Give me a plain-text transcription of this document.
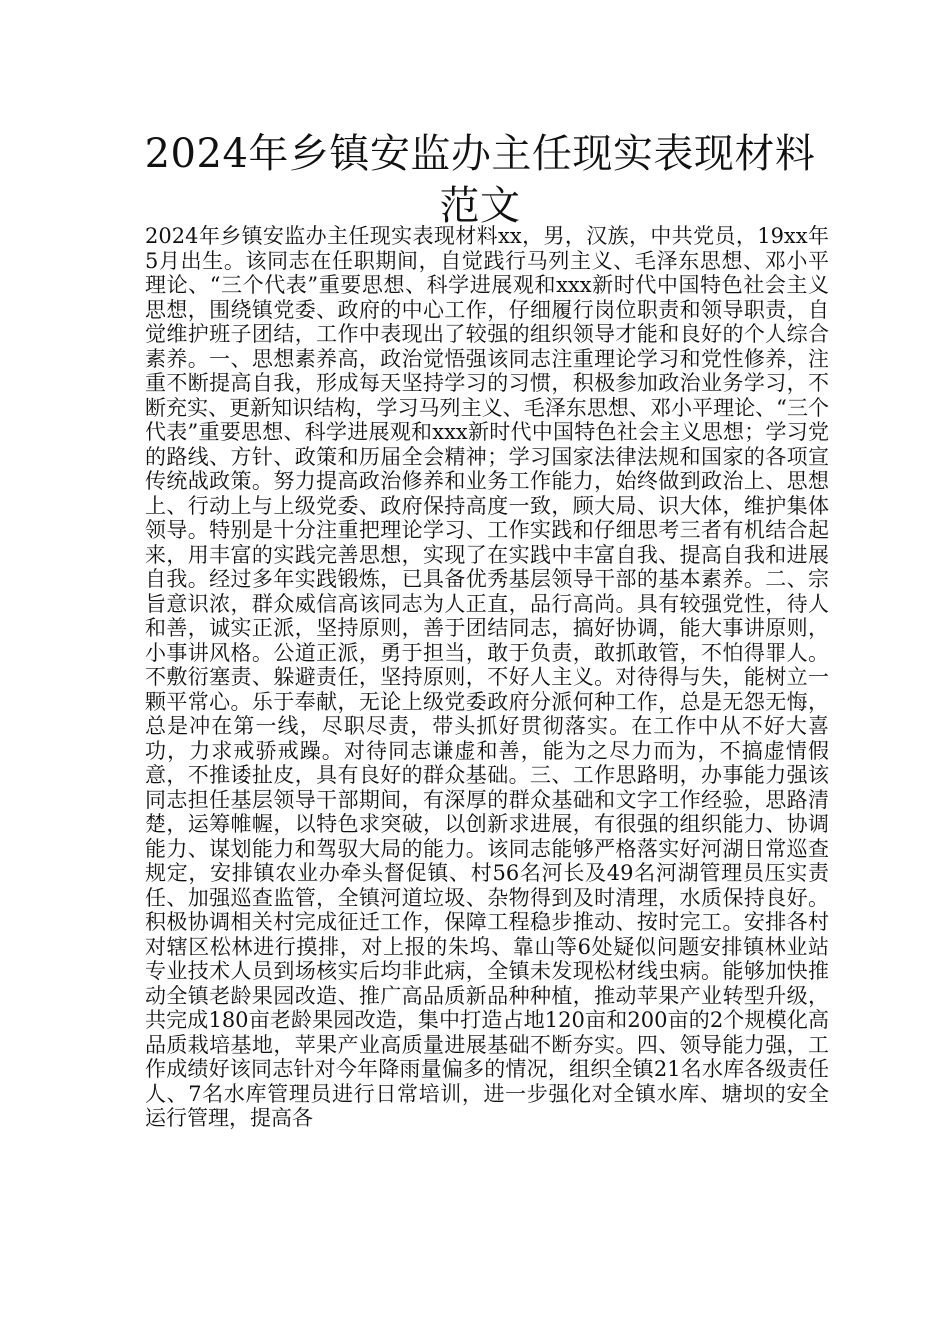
2024年乡镇安监办主任现实表现材料范文

2024年乡镇安监办主任现实表现材料xx，男，汉族，中共党员，19xx年5月出生。该同志在任职期间，自觉践行马列主义、毛泽东思想、邓小平理论、“三个代表”重要思想、科学进展观和xxx新时代中国特色社会主义思想，围绕镇党委、政府的中心工作，仔细履行岗位职责和领导职责，自觉维护班子团结，工作中表现出了较强的组织领导才能和良好的个人综合素养。一、思想素养高，政治觉悟强该同志注重理论学习和党性修养，注重不断提高自我，形成每天坚持学习的习惯，积极参加政治业务学习，不断充实、更新知识结构，学习马列主义、毛泽东思想、邓小平理论、“三个代表”重要思想、科学进展观和xxx新时代中国特色社会主义思想；学习党的路线、方针、政策和历届全会精神；学习国家法律法规和国家的各项宣传统战政策。努力提高政治修养和业务工作能力，始终做到政治上、思想上、行动上与上级党委、政府保持高度一致，顾大局、识大体，维护集体领导。特别是十分注重把理论学习、工作实践和仔细思考三者有机结合起来，用丰富的实践完善思想，实现了在实践中丰富自我、提高自我和进展自我。经过多年实践锻炼，已具备优秀基层领导干部的基本素养。二、宗旨意识浓，群众威信高该同志为人正直，品行高尚。具有较强党性，待人和善，诚实正派，坚持原则，善于团结同志，搞好协调，能大事讲原则，小事讲风格。公道正派，勇于担当，敢于负责，敢抓敢管，不怕得罪人。不敷衍塞责、躲避责任，坚持原则，不好人主义。对待得与失，能树立一颗平常心。乐于奉献，无论上级党委政府分派何种工作，总是无怨无悔，总是冲在第一线，尽职尽责，带头抓好贯彻落实。在工作中从不好大喜功，力求戒骄戒躁。对待同志谦虚和善，能为之尽力而为，不搞虚情假意，不推诿扯皮，具有良好的群众基础。三、工作思路明，办事能力强该同志担任基层领导干部期间，有深厚的群众基础和文字工作经验，思路清楚，运筹帷幄，以特色求突破，以创新求进展，有很强的组织能力、协调能力、谋划能力和驾驭大局的能力。该同志能够严格落实好河湖日常巡查规定，安排镇农业办牵头督促镇、村56名河长及49名河湖管理员压实责任、加强巡查监管，全镇河道垃圾、杂物得到及时清理，水质保持良好。积极协调相关村完成征迁工作，保障工程稳步推动、按时完工。安排各村对辖区松林进行摸排，对上报的朱坞、靠山等6处疑似问题安排镇林业站专业技术人员到场核实后均非此病，全镇未发现松材线虫病。能够加快推动全镇老龄果园改造、推广高品质新品种种植，推动苹果产业转型升级，共完成180亩老龄果园改造，集中打造占地120亩和200亩的2个规模化高品质栽培基地，苹果产业高质量进展基础不断夯实。四、领导能力强，工作成绩好该同志针对今年降雨量偏多的情况，组织全镇21名水库各级责任人、7名水库管理员进行日常培训，进一步强化对全镇水库、塘坝的安全运行管理，提高各
